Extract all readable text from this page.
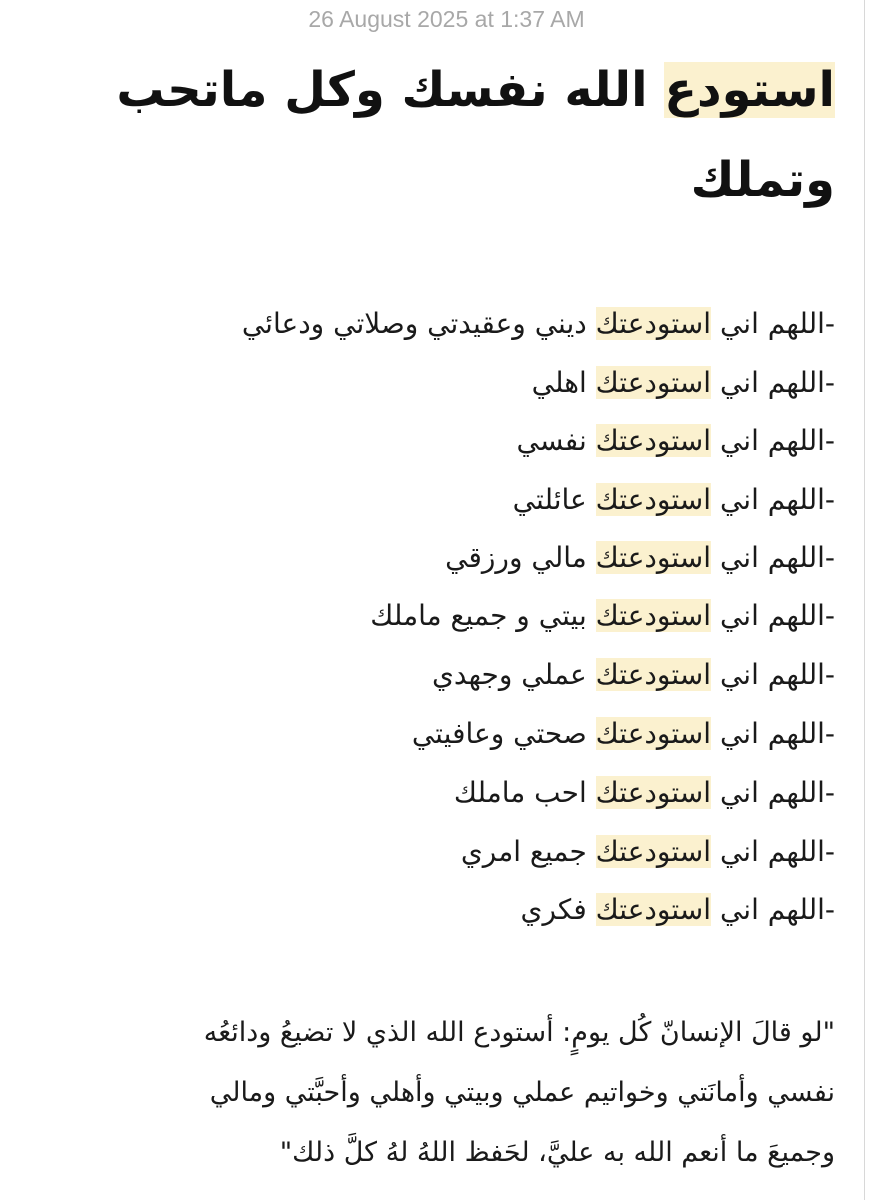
26 August 2025 at 1:37 AM
استودع الله نفسك وكل ماتحب
وتملك
-اللهم اني استودعتك ديني وعقيدتي وصلاتي ودعائي
-اللهم اني استودعتك اهلي
-اللهم اني استودعتك نفسي
-اللهم اني استودعتك عائلتي
-اللهم اني استودعتك مالي ورزقي
-اللهم اني استودعتك بيتي و جميع ماملك
-اللهم اني استودعتك عملي وجهدي
-اللهم اني استودعتك صحتي وعافيتي
-اللهم اني استودعتك احب ماملك
-اللهم اني استودعتك جميع امري
-اللهم اني استودعتك فكري
"لو قالَ الإنسانّ كُل يومٍ: أستودع الله الذي لا تضيعُ ودائعُه
نفسي وأمانَتي وخواتيم عملي وبيتي وأهلي وأحبَّتي ومالي
وجميعَ ما أنعم الله به عليَّ، لحَفظ اللهُ لهُ كلَّ ذلك"
